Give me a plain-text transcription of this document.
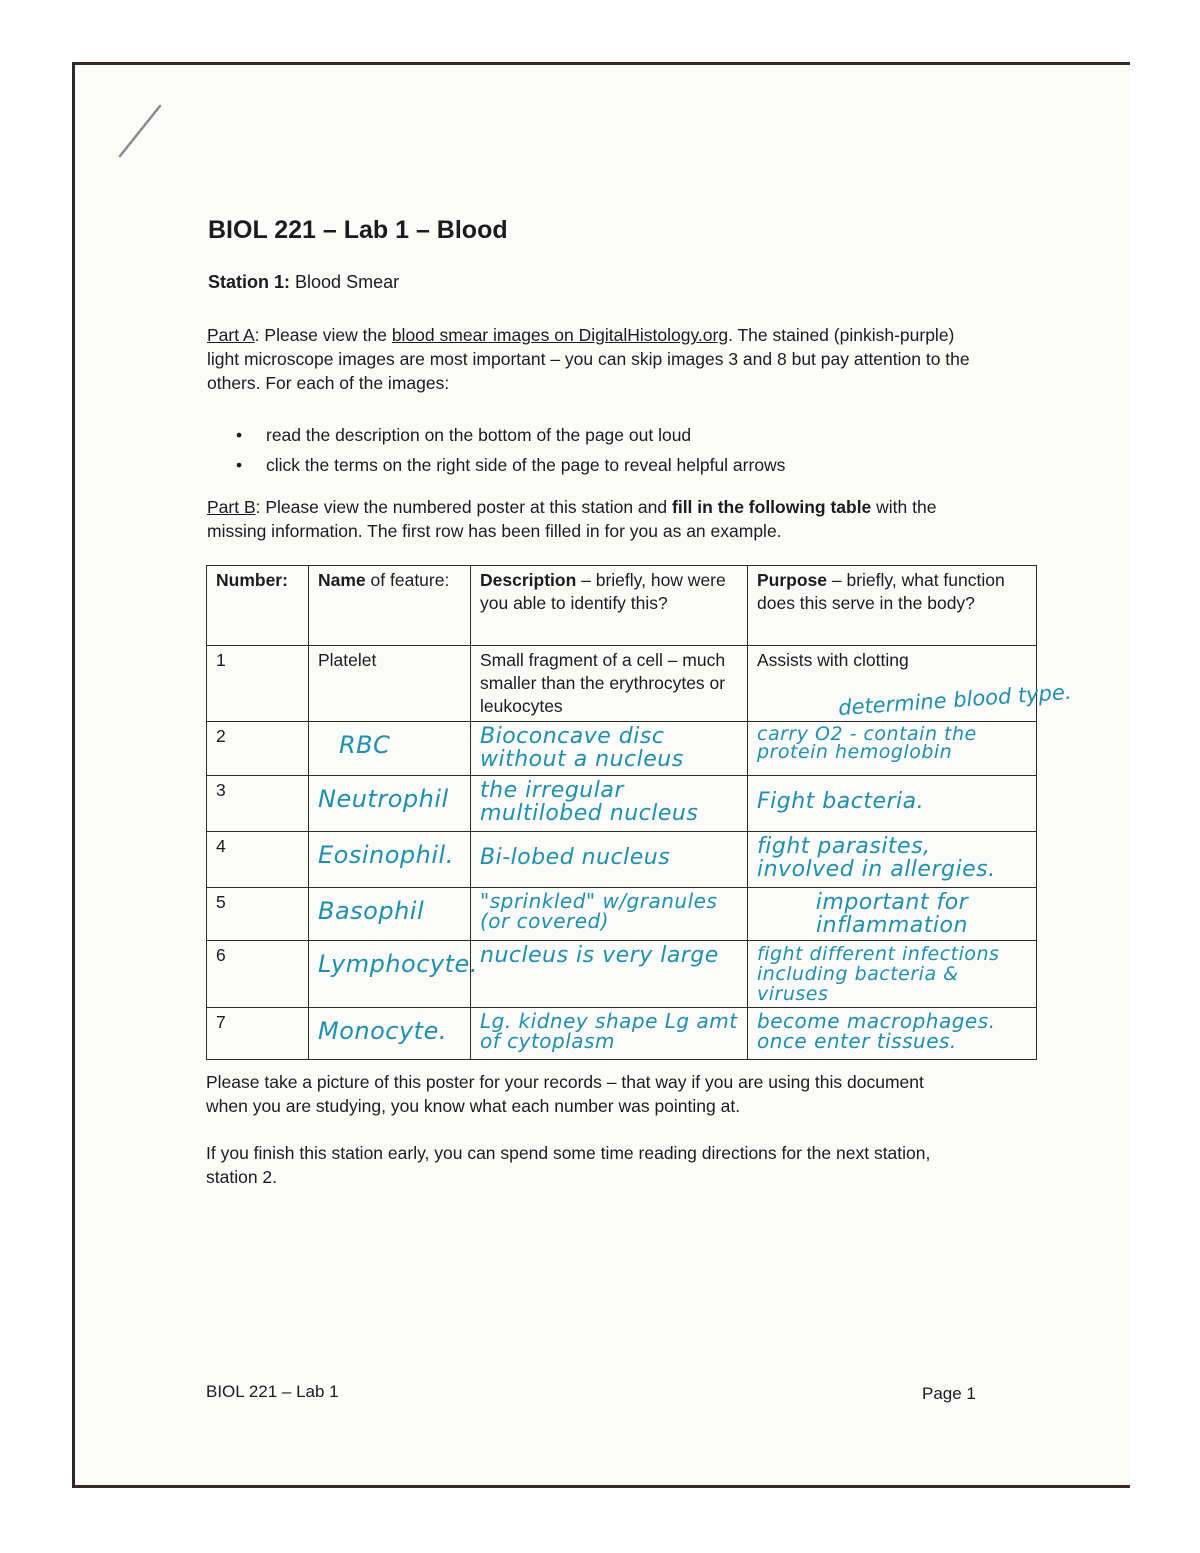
BIOL 221 – Lab 1 – Blood
Station 1: Blood Smear
Part A: Please view the blood smear images on DigitalHistology.org. The stained (pinkish-purple) light microscope images are most important – you can skip images 3 and 8 but pay attention to the others. For each of the images:
• read the description on the bottom of the page out loud
• click the terms on the right side of the page to reveal helpful arrows
Part B: Please view the numbered poster at this station and fill in the following table with the missing information. The first row has been filled in for you as an example.
Number:	Name of feature:	Description – briefly, how were you able to identify this?	Purpose – briefly, what function does this serve in the body?
1	Platelet	Small fragment of a cell – much smaller than the erythrocytes or leukocytes	Assists with clotting
2	RBC	Bioconcave disc without a nucleus	carry O2 - contain the protein hemoglobin
3	Neutrophil	the irregular multilobed nucleus	Fight bacteria.
4	Eosinophil.	Bi-lobed nucleus	fight parasites, involved in allergies.
5	Basophil	"sprinkled" w/granules (or covered)	important for inflammation
6	Lymphocyte.	nucleus is very large	fight different infections including bacteria & viruses
7	Monocyte.	Lg. kidney shape Lg amt of cytoplasm	become macrophages. once enter tissues.
determine blood type.
Please take a picture of this poster for your records – that way if you are using this document when you are studying, you know what each number was pointing at.
If you finish this station early, you can spend some time reading directions for the next station, station 2.
BIOL 221 – Lab 1	Page 1
